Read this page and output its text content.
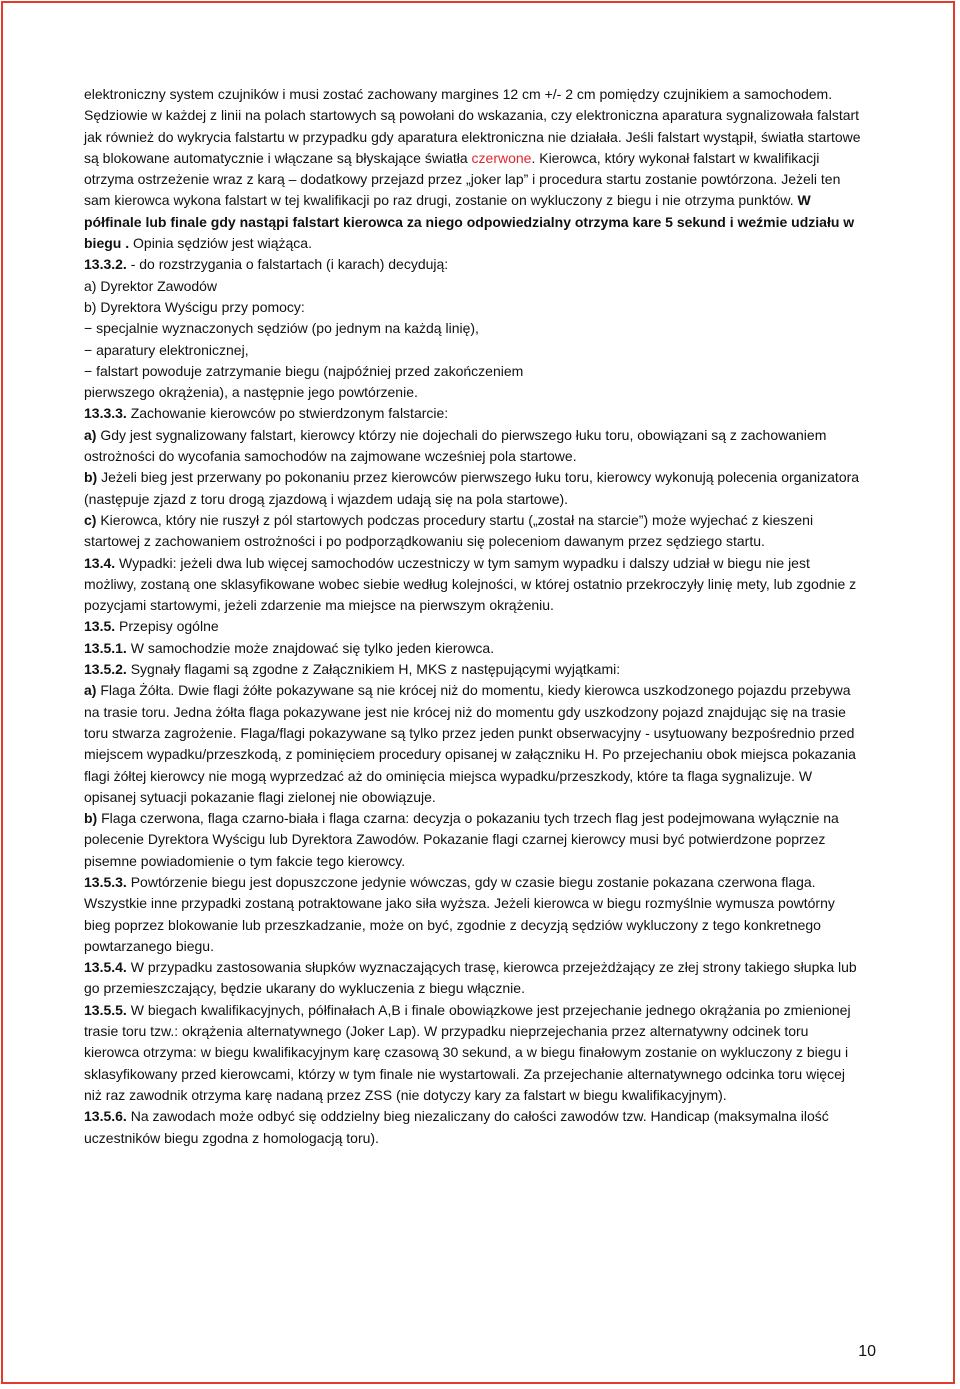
elektroniczny system czujników i musi zostać zachowany margines 12 cm +/- 2 cm pomiędzy czujnikiem a samochodem. Sędziowie w każdej z linii na polach startowych są powołani do wskazania, czy elektroniczna aparatura sygnalizowała falstart jak również do wykrycia falstartu w przypadku gdy aparatura elektroniczna nie działała. Jeśli falstart wystąpił, światła startowe są blokowane automatycznie i włączane są błyskające światła czerwone. Kierowca, który wykonał falstart w kwalifikacji otrzyma ostrzeżenie wraz z karą – dodatkowy przejazd przez „joker lap” i procedura startu zostanie powtórzona. Jeżeli ten sam kierowca wykona falstart w tej kwalifikacji po raz drugi, zostanie on wykluczony z biegu i nie otrzyma punktów. W półfinale lub finale gdy nastąpi falstart kierowca za niego odpowiedzialny otrzyma kare 5 sekund i weźmie udziału w biegu . Opinia sędziów jest wiążąca.

13.3.2. - do rozstrzygania o falstartach (i karach) decydują:

a) Dyrektor Zawodów

b) Dyrektora Wyścigu przy pomocy:

− specjalnie wyznaczonych sędziów (po jednym na każdą linię),

− aparatury elektronicznej,

− falstart powoduje zatrzymanie biegu (najpóźniej przed zakończeniem

pierwszego okrążenia), a następnie jego powtórzenie.

13.3.3. Zachowanie kierowców po stwierdzonym falstarcie:

a) Gdy jest sygnalizowany falstart, kierowcy którzy nie dojechali do pierwszego łuku toru, obowiązani są z zachowaniem ostrożności do wycofania samochodów na zajmowane wcześniej pola startowe.

b) Jeżeli bieg jest przerwany po pokonaniu przez kierowców pierwszego łuku toru, kierowcy wykonują polecenia organizatora (następuje zjazd z toru drogą zjazdową i wjazdem udają się na pola startowe).

c) Kierowca, który nie ruszył z pól startowych podczas procedury startu („został na starcie”) może wyjechać z kieszeni startowej z zachowaniem ostrożności i po podporządkowaniu się poleceniom dawanym przez sędziego startu.

13.4. Wypadki: jeżeli dwa lub więcej samochodów uczestniczy w tym samym wypadku i dalszy udział w biegu nie jest możliwy, zostaną one sklasyfikowane wobec siebie według kolejności, w której ostatnio przekroczyły linię mety, lub zgodnie z pozycjami startowymi, jeżeli zdarzenie ma miejsce na pierwszym okrążeniu.

13.5. Przepisy ogólne

13.5.1. W samochodzie może znajdować się tylko jeden kierowca.

13.5.2. Sygnały flagami są zgodne z Załącznikiem H, MKS z następującymi wyjątkami:

a) Flaga Żółta. Dwie flagi żółte pokazywane są nie krócej niż do momentu, kiedy kierowca uszkodzonego pojazdu przebywa na trasie toru. Jedna żółta flaga pokazywane jest nie krócej niż do momentu gdy uszkodzony pojazd znajdując się na trasie toru stwarza zagrożenie. Flaga/flagi pokazywane są tylko przez jeden punkt obserwacyjny - usytuowany bezpośrednio przed miejscem wypadku/przeszkodą, z pominięciem procedury opisanej w załączniku H. Po przejechaniu obok miejsca pokazania flagi żółtej kierowcy nie mogą wyprzedzać aż do ominięcia miejsca wypadku/przeszkody, które ta flaga sygnalizuje. W opisanej sytuacji pokazanie flagi zielonej nie obowiązuje.

b) Flaga czerwona, flaga czarno-biała i flaga czarna: decyzja o pokazaniu tych trzech flag jest podejmowana wyłącznie na polecenie Dyrektora Wyścigu lub Dyrektora Zawodów. Pokazanie flagi czarnej kierowcy musi być potwierdzone poprzez pisemne powiadomienie o tym fakcie tego kierowcy.

13.5.3. Powtórzenie biegu jest dopuszczone jedynie wówczas, gdy w czasie biegu zostanie pokazana czerwona flaga. Wszystkie inne przypadki zostaną potraktowane jako siła wyższa. Jeżeli kierowca w biegu rozmyślnie wymusza powtórny bieg poprzez blokowanie lub przeszkadzanie, może on być, zgodnie z decyzją sędziów wykluczony z tego konkretnego powtarzanego biegu.

13.5.4. W przypadku zastosowania słupków wyznaczających trasę, kierowca przejeżdżający ze złej strony takiego słupka lub go przemieszczający, będzie ukarany do wykluczenia z biegu włącznie.

13.5.5. W biegach kwalifikacyjnych, półfinałach A,B i finale obowiązkowe jest przejechanie jednego okrążania po zmienionej trasie toru tzw.: okrążenia alternatywnego (Joker Lap). W przypadku nieprzejechania przez alternatywny odcinek toru kierowca otrzyma: w biegu kwalifikacyjnym karę czasową 30 sekund, a w biegu finałowym zostanie on wykluczony z biegu i sklasyfikowany przed kierowcami, którzy w tym finale nie wystartowali. Za przejechanie alternatywnego odcinka toru więcej niż raz zawodnik otrzyma karę nadaną przez ZSS (nie dotyczy kary za falstart w biegu kwalifikacyjnym).

13.5.6. Na zawodach może odbyć się oddzielny bieg niezaliczany do całości zawodów tzw. Handicap (maksymalna ilość uczestników biegu zgodna z homologacją toru).

10
